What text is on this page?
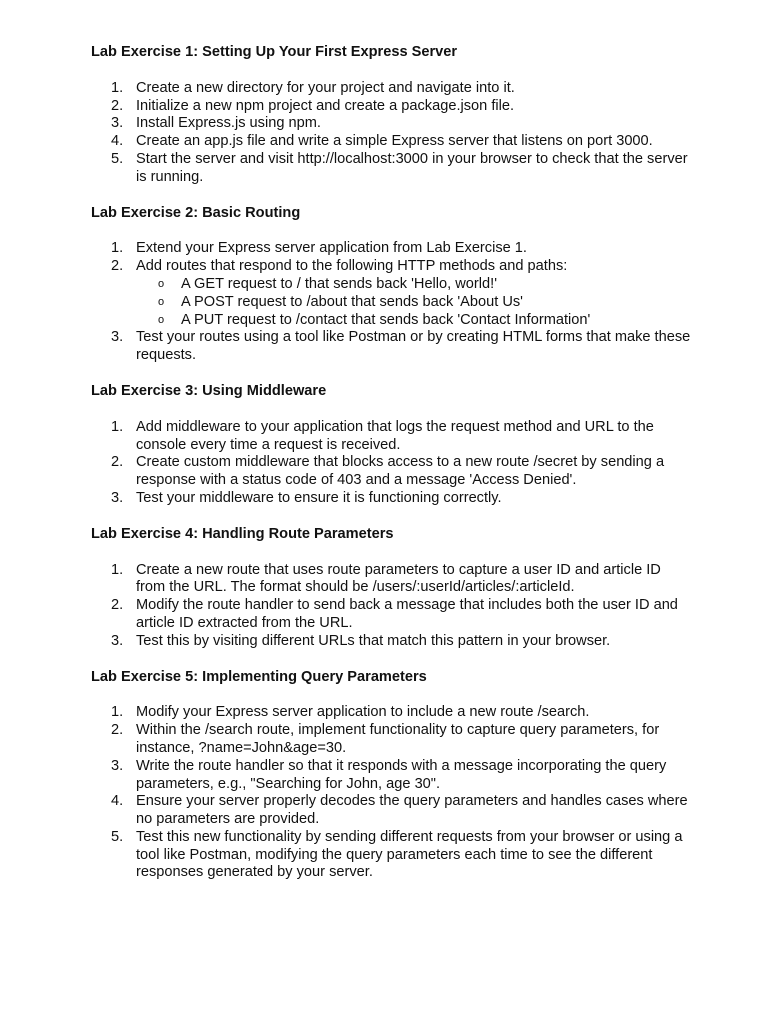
Lab Exercise 1: Setting Up Your First Express Server
1. Create a new directory for your project and navigate into it.
2. Initialize a new npm project and create a package.json file.
3. Install Express.js using npm.
4. Create an app.js file and write a simple Express server that listens on port 3000.
5. Start the server and visit http://localhost:3000 in your browser to check that the server is running.
Lab Exercise 2: Basic Routing
1. Extend your Express server application from Lab Exercise 1.
2. Add routes that respond to the following HTTP methods and paths:
o A GET request to / that sends back 'Hello, world!'
o A POST request to /about that sends back 'About Us'
o A PUT request to /contact that sends back 'Contact Information'
3. Test your routes using a tool like Postman or by creating HTML forms that make these requests.
Lab Exercise 3: Using Middleware
1. Add middleware to your application that logs the request method and URL to the console every time a request is received.
2. Create custom middleware that blocks access to a new route /secret by sending a response with a status code of 403 and a message 'Access Denied'.
3. Test your middleware to ensure it is functioning correctly.
Lab Exercise 4: Handling Route Parameters
1. Create a new route that uses route parameters to capture a user ID and article ID from the URL. The format should be /users/:userId/articles/:articleId.
2. Modify the route handler to send back a message that includes both the user ID and article ID extracted from the URL.
3. Test this by visiting different URLs that match this pattern in your browser.
Lab Exercise 5: Implementing Query Parameters
1. Modify your Express server application to include a new route /search.
2. Within the /search route, implement functionality to capture query parameters, for instance, ?name=John&age=30.
3. Write the route handler so that it responds with a message incorporating the query parameters, e.g., "Searching for John, age 30".
4. Ensure your server properly decodes the query parameters and handles cases where no parameters are provided.
5. Test this new functionality by sending different requests from your browser or using a tool like Postman, modifying the query parameters each time to see the different responses generated by your server.
